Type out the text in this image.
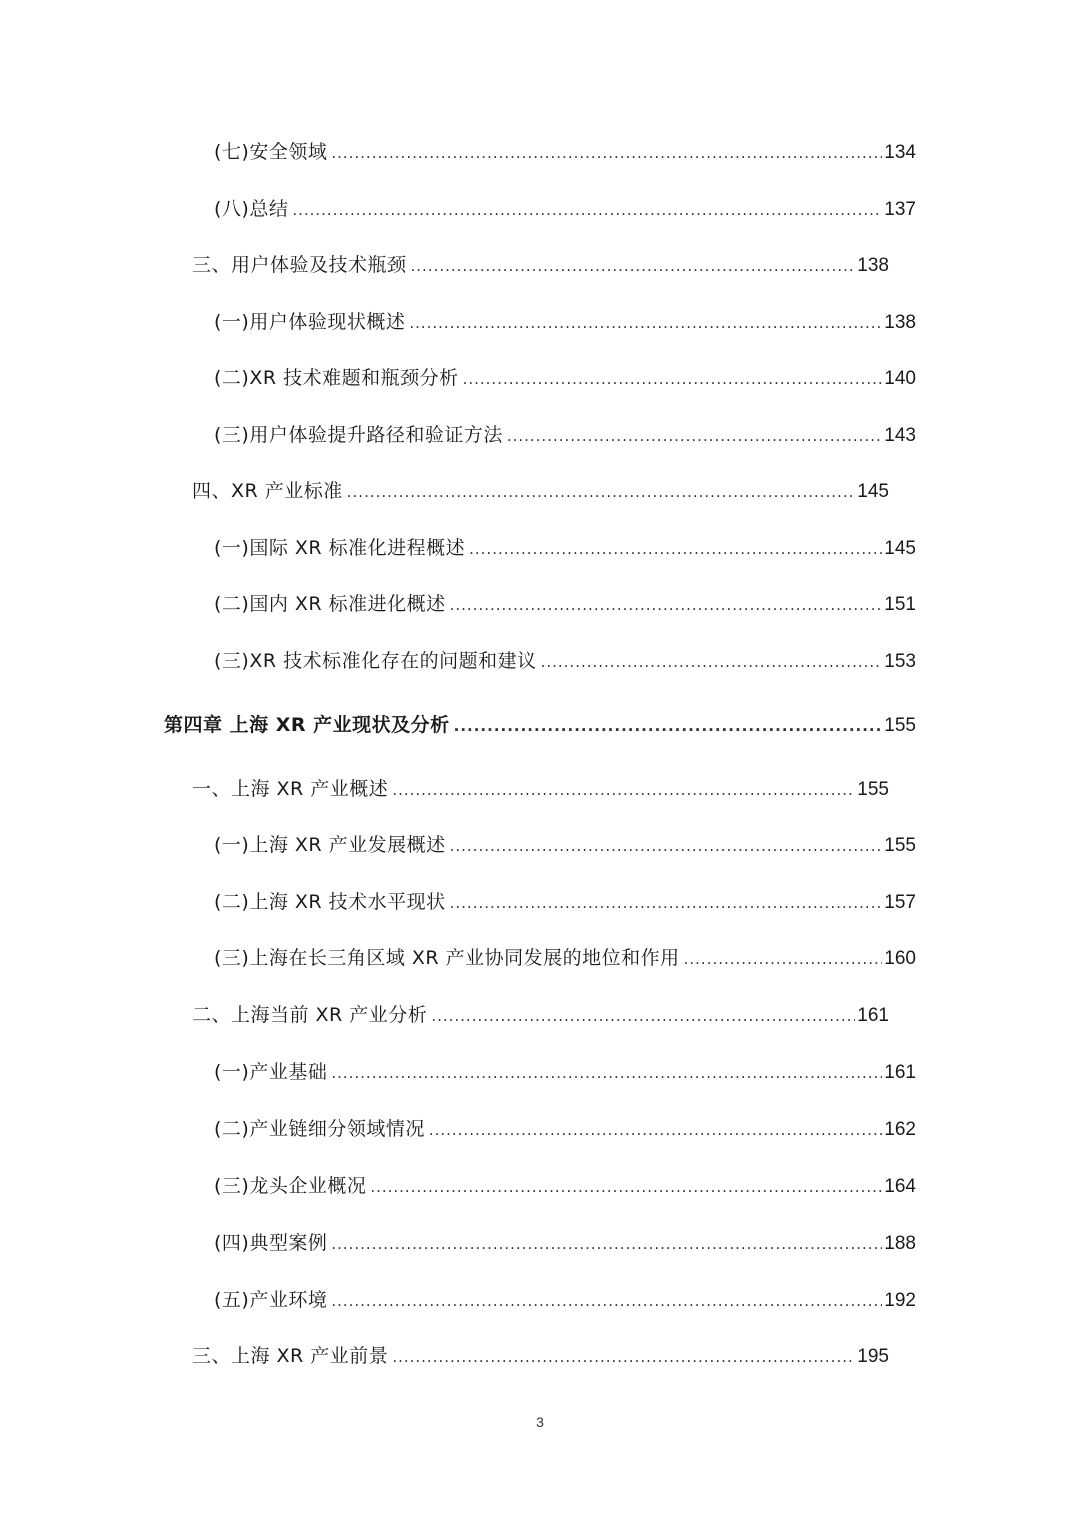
(七)安全领域 .....	134
(八)总结 .....	137
三、用户体验及技术瓶颈 .....	138
(一)用户体验现状概述 .....	138
(二)XR 技术难题和瓶颈分析 .....	140
(三)用户体验提升路径和验证方法 .....	143
四、XR 产业标准 .....	145
(一)国际 XR 标准化进程概述 .....	145
(二)国内 XR 标准进化概述 .....	151
(三)XR 技术标准化存在的问题和建议 .....	153
第四章 上海 XR 产业现状及分析 .....	155
一、上海 XR 产业概述 .....	155
(一)上海 XR 产业发展概述 .....	155
(二)上海 XR 技术水平现状 .....	157
(三)上海在长三角区域 XR 产业协同发展的地位和作用 .....	160
二、上海当前 XR 产业分析 .....	161
(一)产业基础 .....	161
(二)产业链细分领域情况 .....	162
(三)龙头企业概况 .....	164
(四)典型案例 .....	188
(五)产业环境 .....	192
三、上海 XR 产业前景 .....	195
3
